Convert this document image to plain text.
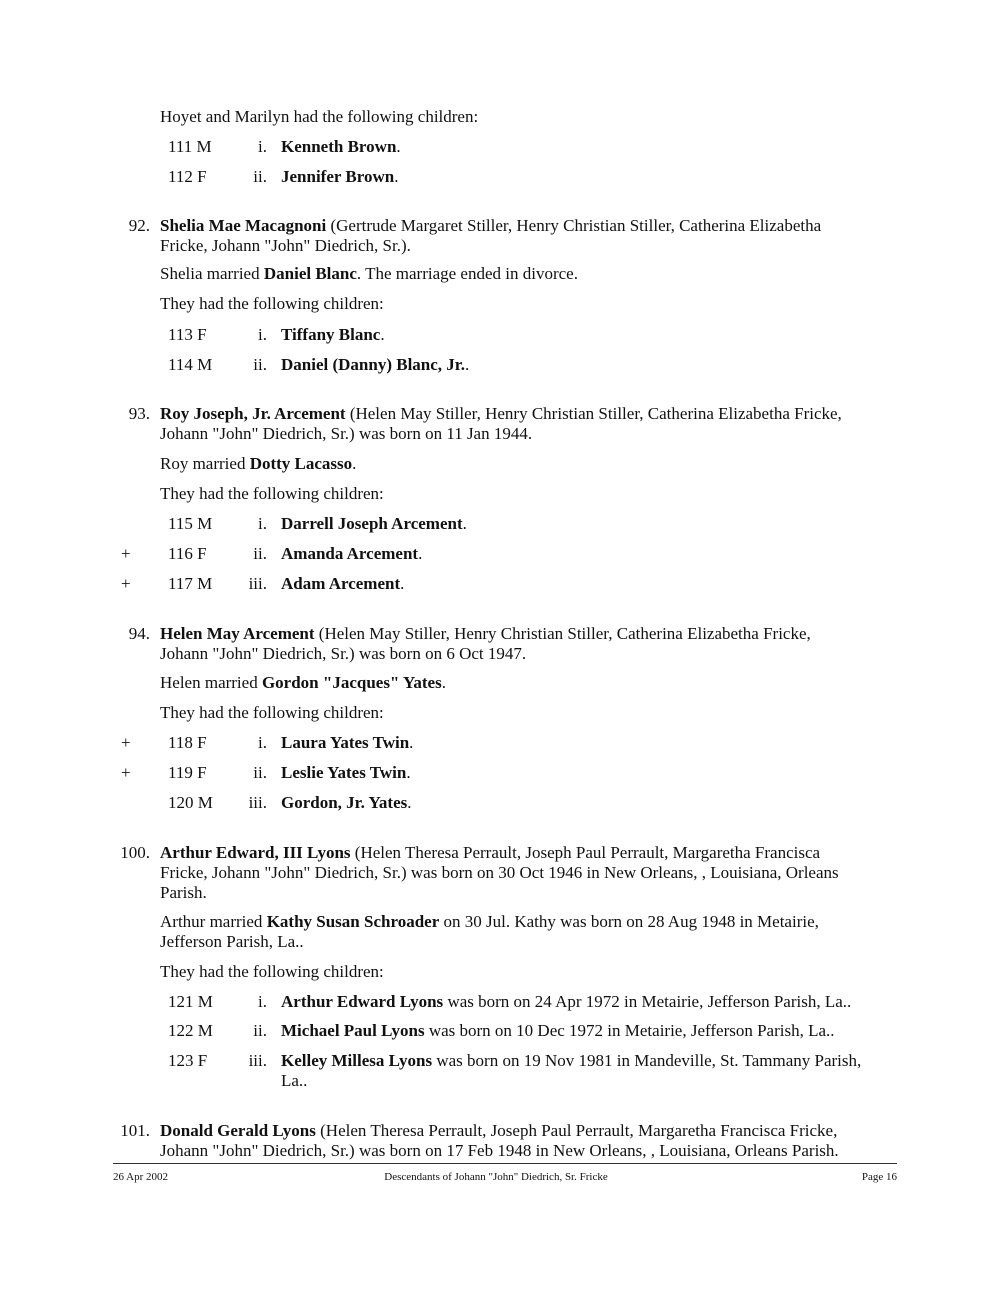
Hoyet and Marilyn had the following children:
111 M	i. Kenneth Brown.
112 F	ii. Jennifer Brown.
92. Shelia Mae Macagnoni (Gertrude Margaret Stiller, Henry Christian Stiller, Catherina Elizabetha
Fricke, Johann "John" Diedrich, Sr.).
Shelia married Daniel Blanc. The marriage ended in divorce.
They had the following children:
113 F	i. Tiffany Blanc.
114 M	ii. Daniel (Danny) Blanc, Jr..
93. Roy Joseph, Jr. Arcement (Helen May Stiller, Henry Christian Stiller, Catherina Elizabetha Fricke,
Johann "John" Diedrich, Sr.) was born on 11 Jan 1944.
Roy married Dotty Lacasso.
They had the following children:
115 M	i. Darrell Joseph Arcement.
+ 116 F	ii. Amanda Arcement.
+ 117 M	iii. Adam Arcement.
94. Helen May Arcement (Helen May Stiller, Henry Christian Stiller, Catherina Elizabetha Fricke,
Johann "John" Diedrich, Sr.) was born on 6 Oct 1947.
Helen married Gordon "Jacques" Yates.
They had the following children:
+ 118 F	i. Laura Yates Twin.
+ 119 F	ii. Leslie Yates Twin.
120 M	iii. Gordon, Jr. Yates.
100. Arthur Edward, III Lyons (Helen Theresa Perrault, Joseph Paul Perrault, Margaretha Francisca
Fricke, Johann "John" Diedrich, Sr.) was born on 30 Oct 1946 in New Orleans, , Louisiana, Orleans
Parish.
Arthur married Kathy Susan Schroader on 30 Jul. Kathy was born on 28 Aug 1948 in Metairie,
Jefferson Parish, La..
They had the following children:
121 M	i. Arthur Edward Lyons was born on 24 Apr 1972 in Metairie, Jefferson Parish, La..
122 M	ii. Michael Paul Lyons was born on 10 Dec 1972 in Metairie, Jefferson Parish, La..
123 F	iii. Kelley Millesa Lyons was born on 19 Nov 1981 in Mandeville, St. Tammany Parish,
La..
101. Donald Gerald Lyons (Helen Theresa Perrault, Joseph Paul Perrault, Margaretha Francisca Fricke,
Johann "John" Diedrich, Sr.) was born on 17 Feb 1948 in New Orleans, , Louisiana, Orleans Parish.
26 Apr 2002	Descendants of Johann "John" Diedrich, Sr. Fricke	Page 16
